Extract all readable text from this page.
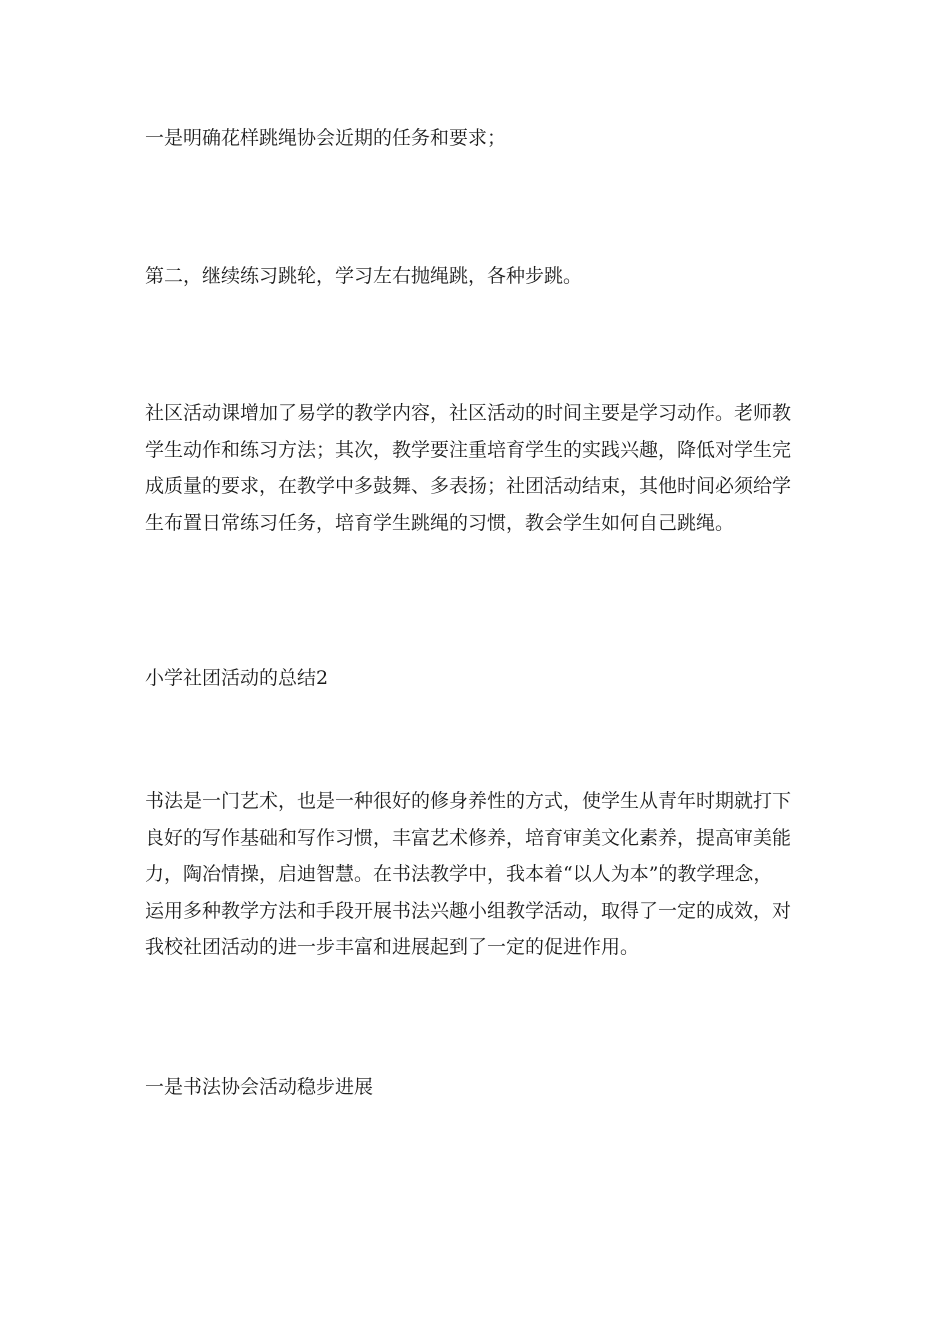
一是明确花样跳绳协会近期的任务和要求；

第二，继续练习跳轮，学习左右抛绳跳，各种步跳。

社区活动课增加了易学的教学内容，社区活动的时间主要是学习动作。老师教
学生动作和练习方法；其次，教学要注重培育学生的实践兴趣，降低对学生完
成质量的要求，在教学中多鼓舞、多表扬；社团活动结束，其他时间必须给学
生布置日常练习任务，培育学生跳绳的习惯，教会学生如何自己跳绳。

小学社团活动的总结2

书法是一门艺术，也是一种很好的修身养性的方式，使学生从青年时期就打下
良好的写作基础和写作习惯，丰富艺术修养，培育审美文化素养，提高审美能
力，陶冶情操，启迪智慧。在书法教学中，我本着“以人为本”的教学理念，
运用多种教学方法和手段开展书法兴趣小组教学活动，取得了一定的成效，对
我校社团活动的进一步丰富和进展起到了一定的促进作用。

一是书法协会活动稳步进展
